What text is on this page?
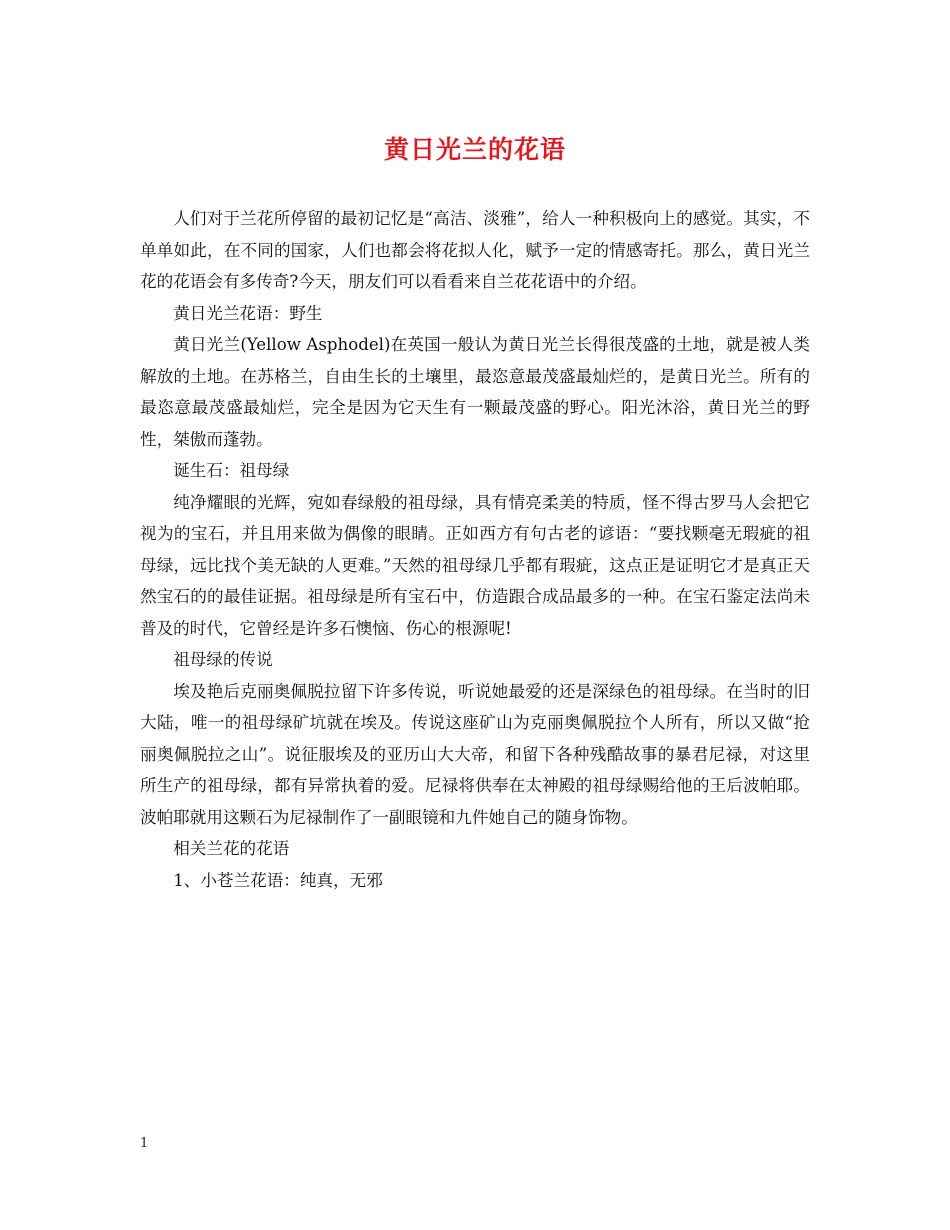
黄日光兰的花语

人们对于兰花所停留的最初记忆是“高洁、淡雅”，给人一种积极向上的感觉。其实，不单单如此，在不同的国家，人们也都会将花拟人化，赋予一定的情感寄托。那么，黄日光兰花的花语会有多传奇?今天，朋友们可以看看来自兰花花语中的介绍。

黄日光兰花语：野生

黄日光兰(Yellow Asphodel)在英国一般认为黄日光兰长得很茂盛的土地，就是被人类解放的土地。在苏格兰，自由生长的土壤里，最恣意最茂盛最灿烂的，是黄日光兰。所有的最恣意最茂盛最灿烂，完全是因为它天生有一颗最茂盛的野心。阳光沐浴，黄日光兰的野性，桀傲而蓬勃。

诞生石：祖母绿

纯净耀眼的光辉，宛如春绿般的祖母绿，具有情亮柔美的特质，怪不得古罗马人会把它视为的宝石，并且用来做为偶像的眼睛。正如西方有句古老的谚语：“要找颗毫无瑕疵的祖母绿，远比找个美无缺的人更难。”天然的祖母绿几乎都有瑕疵，这点正是证明它才是真正天然宝石的的最佳证据。祖母绿是所有宝石中，仿造跟合成品最多的一种。在宝石鉴定法尚未普及的时代，它曾经是许多石懊恼、伤心的根源呢!

祖母绿的传说

埃及艳后克丽奥佩脱拉留下许多传说，听说她最爱的还是深绿色的祖母绿。在当时的旧大陆，唯一的祖母绿矿坑就在埃及。传说这座矿山为克丽奥佩脱拉个人所有，所以又做“抢丽奥佩脱拉之山”。说征服埃及的亚历山大大帝，和留下各种残酷故事的暴君尼禄，对这里所生产的祖母绿，都有异常执着的爱。尼禄将供奉在太神殿的祖母绿赐给他的王后波帕耶。波帕耶就用这颗石为尼禄制作了一副眼镜和九件她自己的随身饰物。

相关兰花的花语

1、小苍兰花语：纯真，无邪

1
